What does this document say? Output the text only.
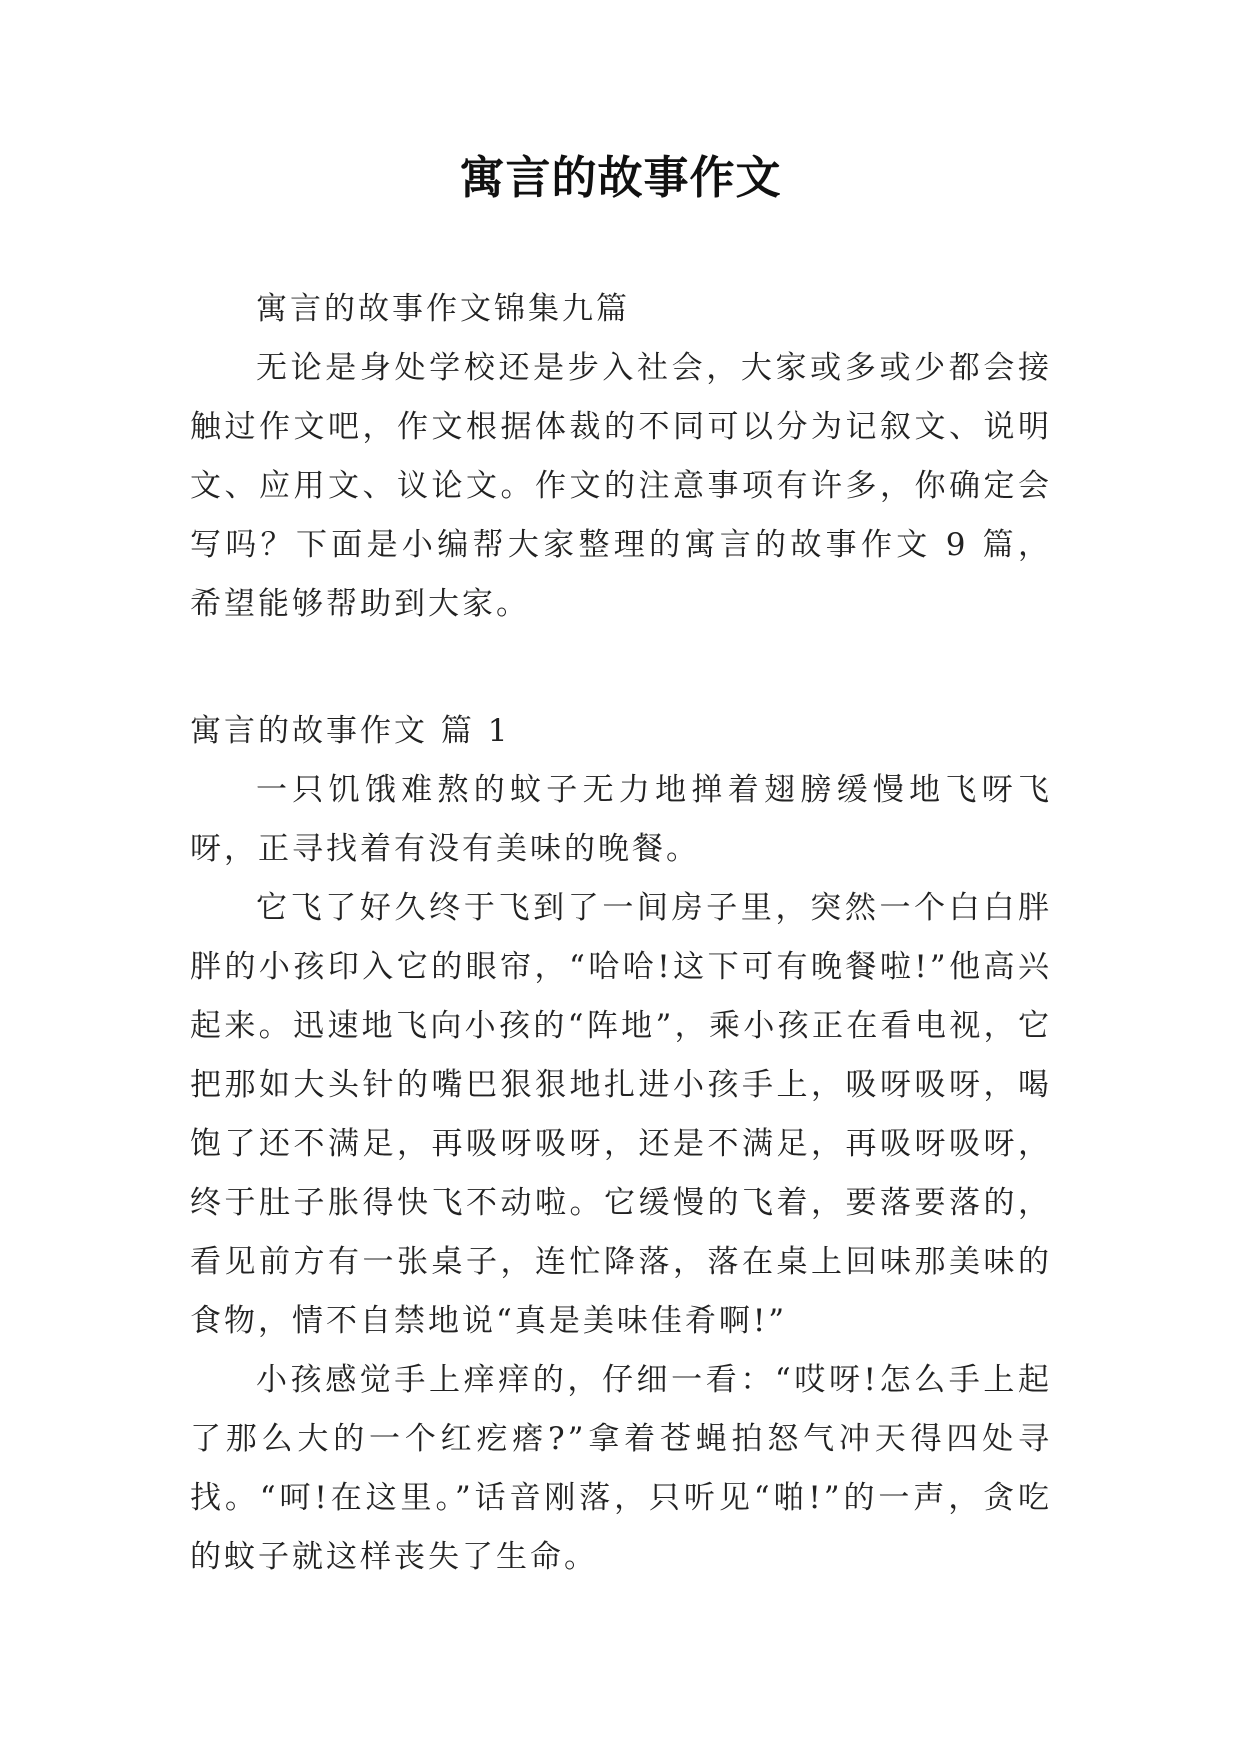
寓言的故事作文

寓言的故事作文锦集九篇

无论是身处学校还是步入社会，大家或多或少都会接触过作文吧，作文根据体裁的不同可以分为记叙文、说明文、应用文、议论文。作文的注意事项有许多，你确定会写吗？下面是小编帮大家整理的寓言的故事作文 9 篇，希望能够帮助到大家。

寓言的故事作文 篇 1

一只饥饿难熬的蚊子无力地掸着翅膀缓慢地飞呀飞呀，正寻找着有没有美味的晚餐。

它飞了好久终于飞到了一间房子里，突然一个白白胖胖的小孩印入它的眼帘，“哈哈!这下可有晚餐啦!”他高兴起来。迅速地飞向小孩的“阵地”，乘小孩正在看电视，它把那如大头针的嘴巴狠狠地扎进小孩手上，吸呀吸呀，喝饱了还不满足，再吸呀吸呀，还是不满足，再吸呀吸呀，终于肚子胀得快飞不动啦。它缓慢的飞着，要落要落的，看见前方有一张桌子，连忙降落，落在桌上回味那美味的食物，情不自禁地说“真是美味佳肴啊!”

小孩感觉手上痒痒的，仔细一看：“哎呀!怎么手上起了那么大的一个红疙瘩?”拿着苍蝇拍怒气冲天得四处寻找。“呵!在这里。”话音刚落，只听见“啪!”的一声，贪吃的蚊子就这样丧失了生命。
